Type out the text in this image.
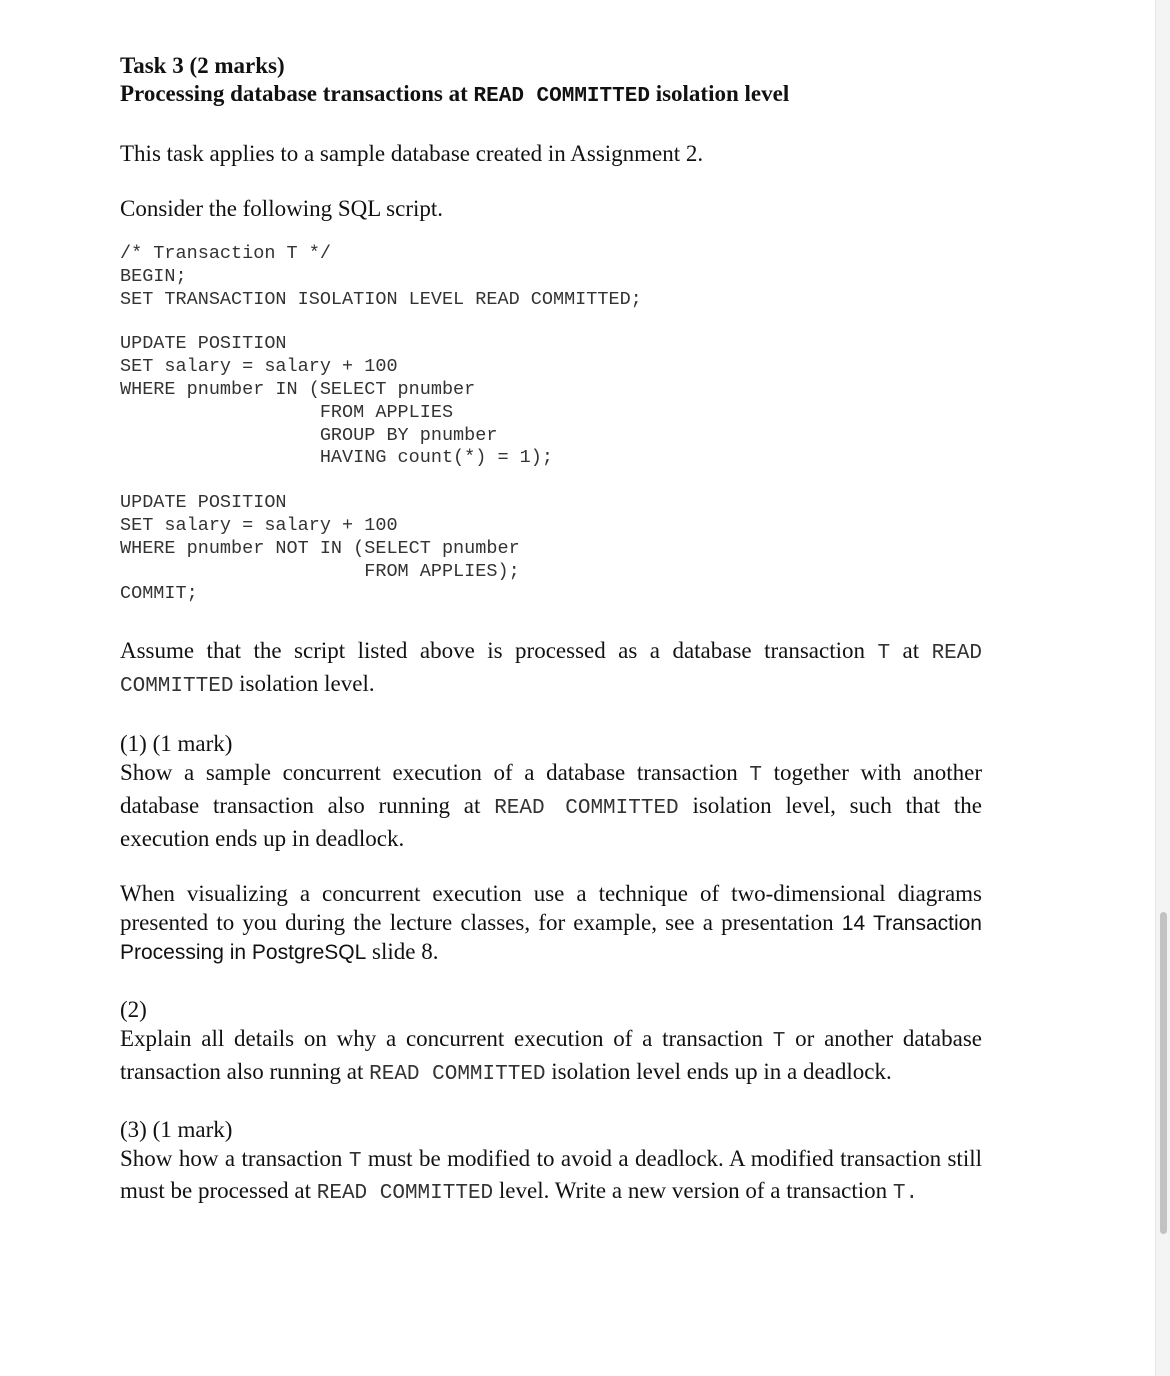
Task 3 (2 marks)
Processing database transactions at READ COMMITTED isolation level

This task applies to a sample database created in Assignment 2.

Consider the following SQL script.

/* Transaction T */
BEGIN;
SET TRANSACTION ISOLATION LEVEL READ COMMITTED;
UPDATE POSITION
SET salary = salary + 100
WHERE pnumber IN (SELECT pnumber
FROM APPLIES
GROUP BY pnumber
HAVING count(*) = 1);
UPDATE POSITION
SET salary = salary + 100
WHERE pnumber NOT IN (SELECT pnumber
FROM APPLIES);
COMMIT;

Assume that the script listed above is processed as a database transaction T at READ COMMITTED isolation level.

(1) (1 mark)

Show a sample concurrent execution of a database transaction T together with another database transaction also running at READ COMMITTED isolation level, such that the execution ends up in deadlock.

When visualizing a concurrent execution use a technique of two-dimensional diagrams presented to you during the lecture classes, for example, see a presentation 14 Transaction Processing in PostgreSQL slide 8.

(2)

Explain all details on why a concurrent execution of a transaction T or another database transaction also running at READ COMMITTED isolation level ends up in a deadlock.

(3) (1 mark)

Show how a transaction T must be modified to avoid a deadlock. A modified transaction still must be processed at READ COMMITTED level. Write a new version of a transaction T.
